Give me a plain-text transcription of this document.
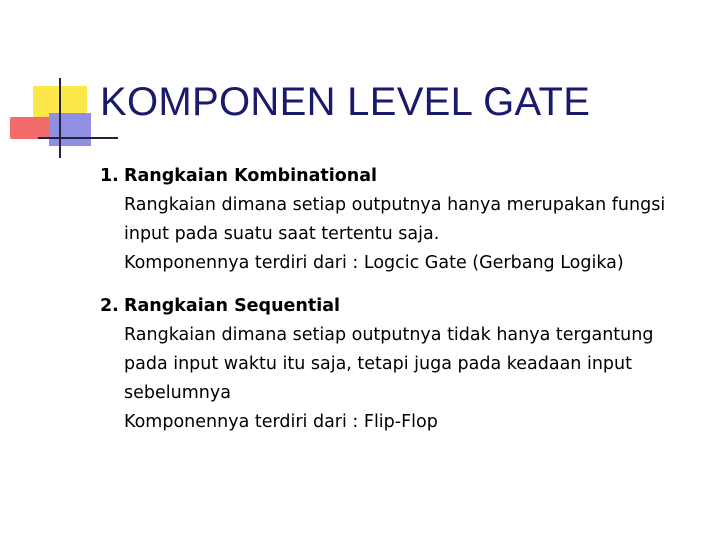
KOMPONEN LEVEL GATE
1. Rangkaian Kombinational
Rangkaian dimana setiap outputnya hanya merupakan fungsi
input pada suatu saat tertentu saja.
Komponennya terdiri dari : Logcic Gate (Gerbang Logika)
2. Rangkaian Sequential
Rangkaian dimana setiap outputnya tidak hanya tergantung
pada input waktu itu saja, tetapi juga pada keadaan input
sebelumnya
Komponennya terdiri dari : Flip-Flop
